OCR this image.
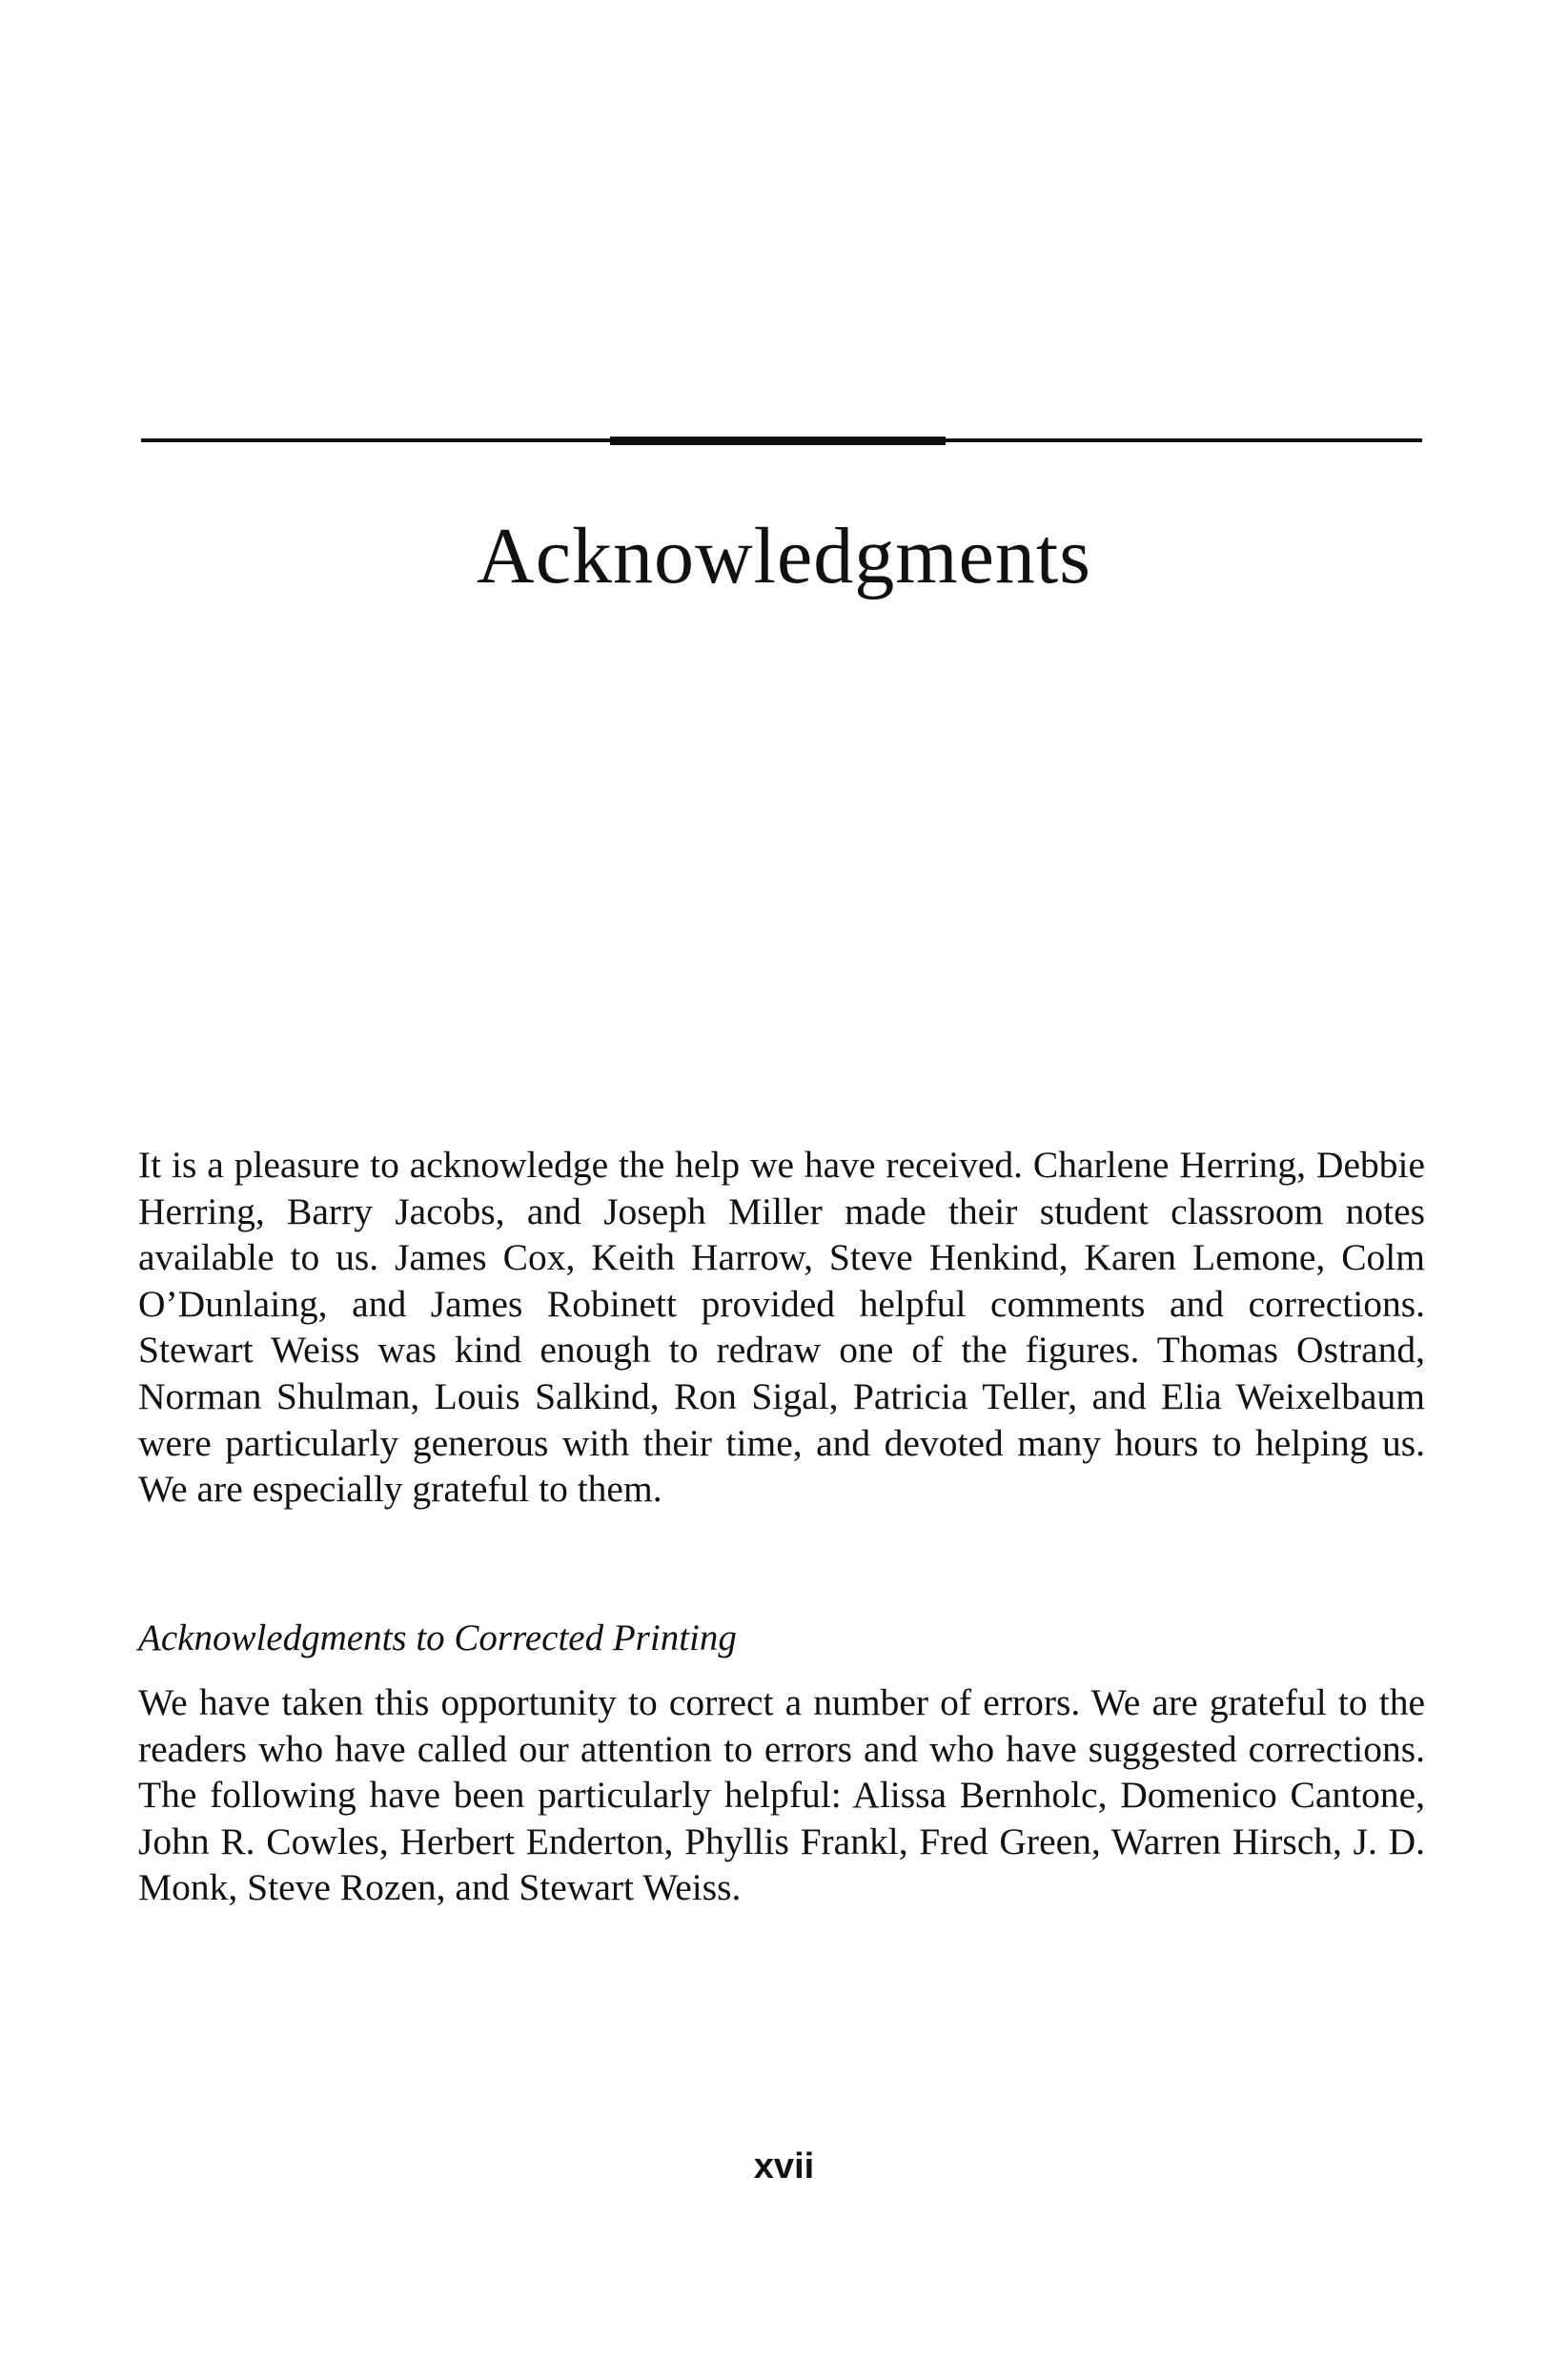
Acknowledgments

It is a pleasure to acknowledge the help we have received. Charlene Herring, Debbie Herring, Barry Jacobs, and Joseph Miller made their student classroom notes available to us. James Cox, Keith Harrow, Steve Henkind, Karen Lemone, Colm O’Dunlaing, and James Robinett provided helpful comments and corrections. Stewart Weiss was kind enough to redraw one of the figures. Thomas Ostrand, Norman Shulman, Louis Salkind, Ron Sigal, Patricia Teller, and Elia Weixelbaum were particularly generous with their time, and devoted many hours to helping us. We are especially grateful to them.

Acknowledgments to Corrected Printing

We have taken this opportunity to correct a number of errors. We are grateful to the readers who have called our attention to errors and who have suggested corrections. The following have been particularly helpful: Alissa Bernholc, Domenico Cantone, John R. Cowles, Herbert Enderton, Phyllis Frankl, Fred Green, Warren Hirsch, J. D. Monk, Steve Rozen, and Stewart Weiss.

xvii
